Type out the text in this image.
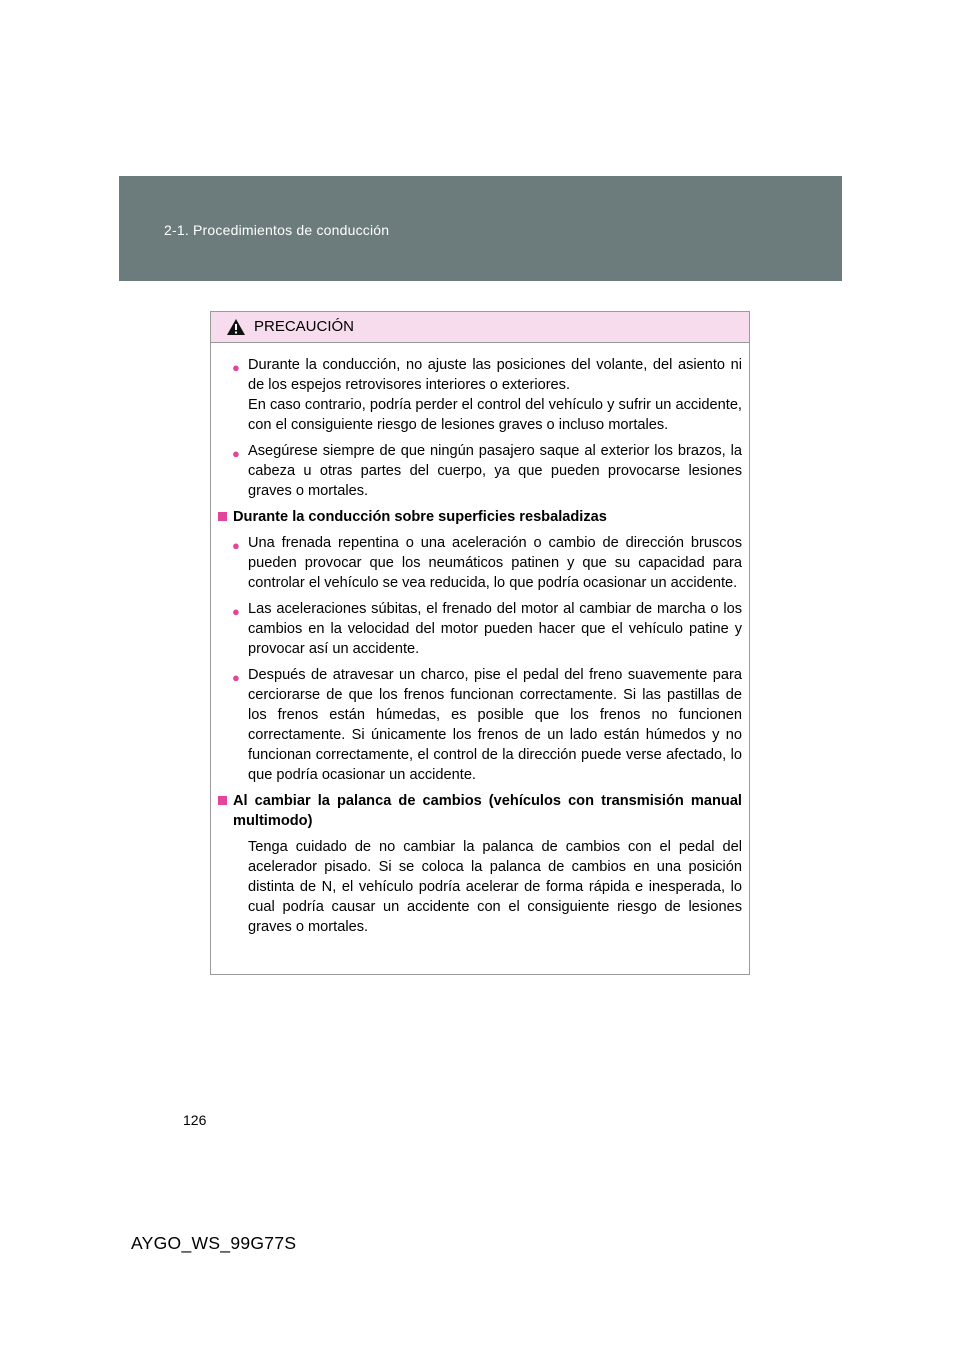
2-1. Procedimientos de conducción
PRECAUCIÓN
● Durante la conducción, no ajuste las posiciones del volante, del asiento ni de los espejos retrovisores interiores o exteriores.
En caso contrario, podría perder el control del vehículo y sufrir un accidente, con el consiguiente riesgo de lesiones graves o incluso mortales.
● Asegúrese siempre de que ningún pasajero saque al exterior los brazos, la cabeza u otras partes del cuerpo, ya que pueden provocarse lesiones graves o mortales.
Durante la conducción sobre superficies resbaladizas
● Una frenada repentina o una aceleración o cambio de dirección bruscos pueden provocar que los neumáticos patinen y que su capacidad para controlar el vehículo se vea reducida, lo que podría ocasionar un accidente.
● Las aceleraciones súbitas, el frenado del motor al cambiar de marcha o los cambios en la velocidad del motor pueden hacer que el vehículo patine y provocar así un accidente.
● Después de atravesar un charco, pise el pedal del freno suavemente para cerciorarse de que los frenos funcionan correctamente. Si las pastillas de los frenos están húmedas, es posible que los frenos no funcionen correctamente. Si únicamente los frenos de un lado están húmedos y no funcionan correctamente, el control de la dirección puede verse afectado, lo que podría ocasionar un accidente.
Al cambiar la palanca de cambios (vehículos con transmisión manual multimodo)
Tenga cuidado de no cambiar la palanca de cambios con el pedal del acelerador pisado. Si se coloca la palanca de cambios en una posición distinta de N, el vehículo podría acelerar de forma rápida e inesperada, lo cual podría causar un accidente con el consiguiente riesgo de lesiones graves o mortales.
126
AYGO_WS_99G77S
